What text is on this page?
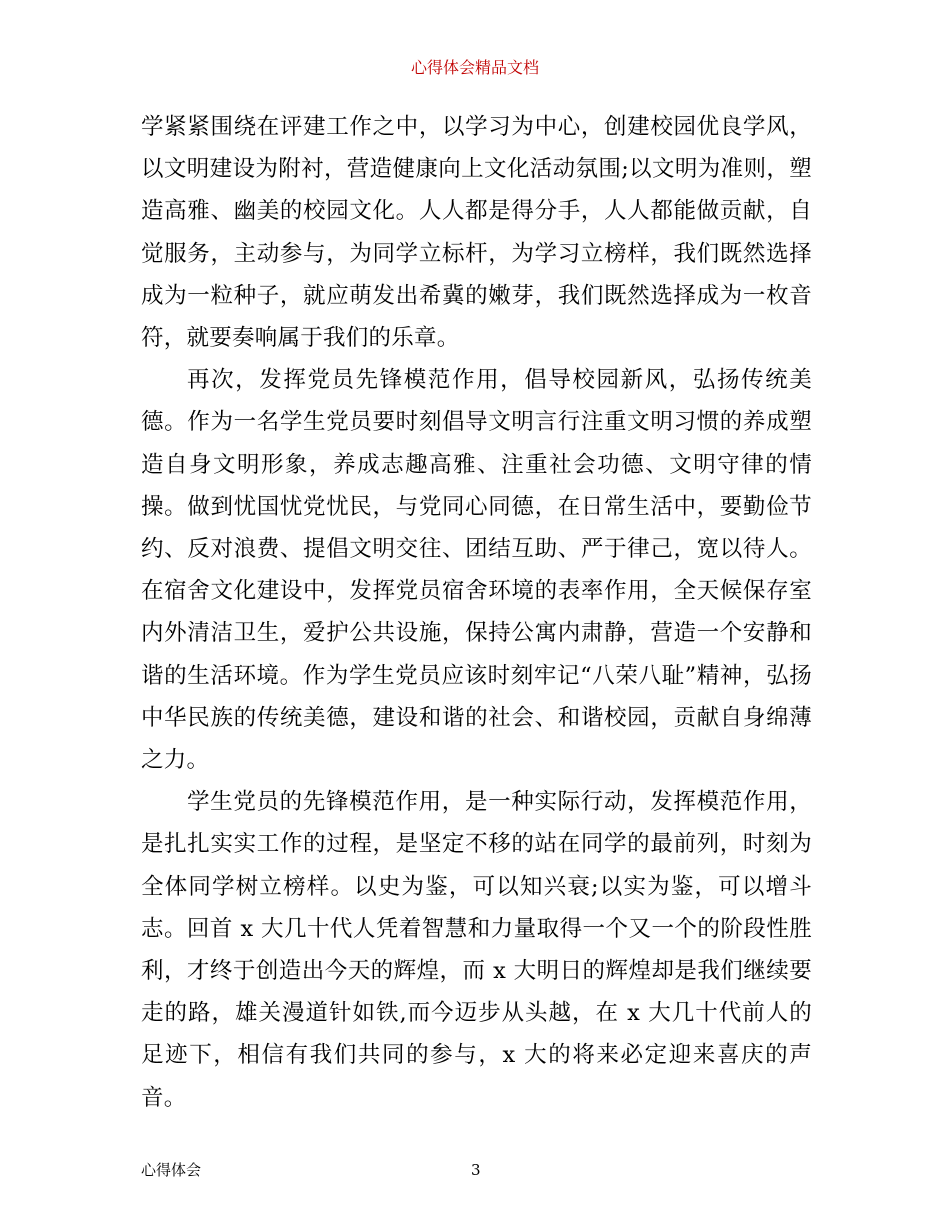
心得体会精品文档

学紧紧围绕在评建工作之中，以学习为中心，创建校园优良学风，以文明建设为附衬，营造健康向上文化活动氛围;以文明为准则，塑造高雅、幽美的校园文化。人人都是得分手，人人都能做贡献，自觉服务，主动参与，为同学立标杆，为学习立榜样，我们既然选择成为一粒种子，就应萌发出希冀的嫩芽，我们既然选择成为一枚音符，就要奏响属于我们的乐章。

再次，发挥党员先锋模范作用，倡导校园新风，弘扬传统美德。作为一名学生党员要时刻倡导文明言行注重文明习惯的养成塑造自身文明形象，养成志趣高雅、注重社会功德、文明守律的情操。做到忧国忧党忧民，与党同心同德，在日常生活中，要勤俭节约、反对浪费、提倡文明交往、团结互助、严于律己，宽以待人。在宿舍文化建设中，发挥党员宿舍环境的表率作用，全天候保存室内外清洁卫生，爱护公共设施，保持公寓内肃静，营造一个安静和谐的生活环境。作为学生党员应该时刻牢记“八荣八耻”精神，弘扬中华民族的传统美德，建设和谐的社会、和谐校园，贡献自身绵薄之力。

学生党员的先锋模范作用，是一种实际行动，发挥模范作用，是扎扎实实工作的过程，是坚定不移的站在同学的最前列，时刻为全体同学树立榜样。以史为鉴，可以知兴衰;以实为鉴，可以增斗志。回首 x 大几十代人凭着智慧和力量取得一个又一个的阶段性胜利，才终于创造出今天的辉煌，而 x 大明日的辉煌却是我们继续要走的路，雄关漫道针如铁,而今迈步从头越，在 x 大几十代前人的足迹下，相信有我们共同的参与，x 大的将来必定迎来喜庆的声音。

心得体会	3
